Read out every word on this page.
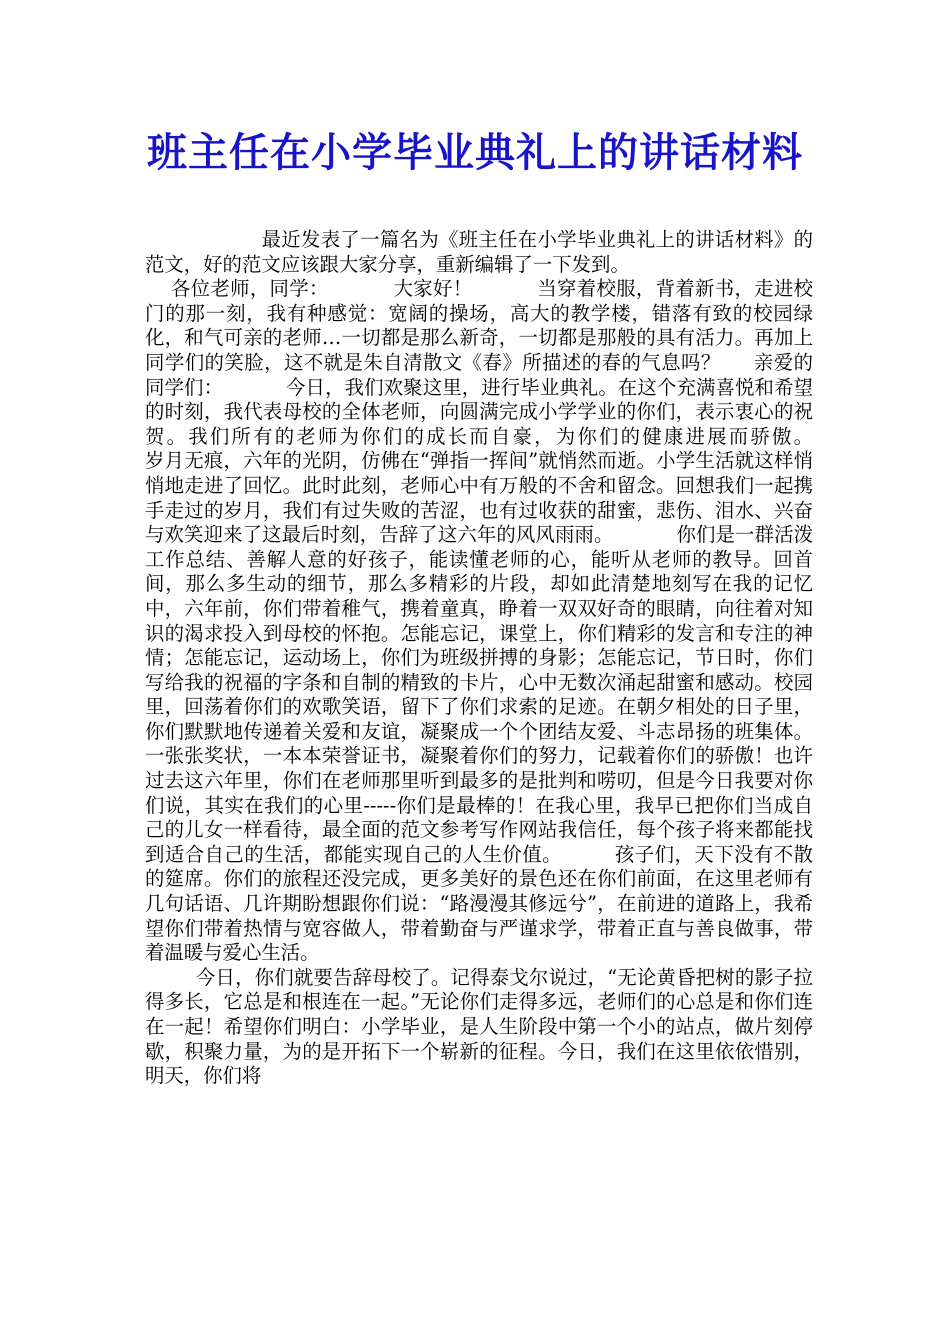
班主任在小学毕业典礼上的讲话材料

最近发表了一篇名为《班主任在小学毕业典礼上的讲话材料》的范文，好的范文应该跟大家分享，重新编辑了一下发到。

各位老师，同学：          大家好！          当穿着校服，背着新书，走进校门的那一刻，我有种感觉：宽阔的操场，高大的教学楼，错落有致的校园绿化，和气可亲的老师…一切都是那么新奇，一切都是那般的具有活力。再加上同学们的笑脸，这不就是朱自清散文《春》所描述的春的气息吗？     亲爱的同学们：          今日，我们欢聚这里，进行毕业典礼。在这个充满喜悦和希望的时刻，我代表母校的全体老师，向圆满完成小学学业的你们，表示衷心的祝贺。我们所有的老师为你们的成长而自豪，为你们的健康进展而骄傲。        岁月无痕，六年的光阴，仿佛在“弹指一挥间”就悄然而逝。小学生活就这样悄悄地走进了回忆。此时此刻，老师心中有万般的不舍和留念。回想我们一起携手走过的岁月，我们有过失败的苦涩，也有过收获的甜蜜，悲伤、泪水、兴奋与欢笑迎来了这最后时刻，告辞了这六年的风风雨雨。          你们是一群活泼工作总结、善解人意的好孩子，能读懂老师的心，能听从老师的教导。回首间，那么多生动的细节，那么多精彩的片段，却如此清楚地刻写在我的记忆中，六年前，你们带着稚气，携着童真，睁着一双双好奇的眼睛，向往着对知识的渴求投入到母校的怀抱。怎能忘记，课堂上，你们精彩的发言和专注的神情；怎能忘记，运动场上，你们为班级拼搏的身影；怎能忘记，节日时，你们写给我的祝福的字条和自制的精致的卡片，心中无数次涌起甜蜜和感动。校园里，回荡着你们的欢歌笑语，留下了你们求索的足迹。在朝夕相处的日子里，你们默默地传递着关爱和友谊，凝聚成一个个团结友爱、斗志昂扬的班集体。一张张奖状，一本本荣誉证书，凝聚着你们的努力，记载着你们的骄傲！也许过去这六年里，你们在老师那里听到最多的是批判和唠叨，但是今日我要对你们说，其实在我们的心里-----你们是最棒的！在我心里，我早已把你们当成自己的儿女一样看待，最全面的范文参考写作网站我信任，每个孩子将来都能找到适合自己的生活，都能实现自己的人生价值。        孩子们，天下没有不散的筵席。你们的旅程还没完成，更多美好的景色还在你们前面，在这里老师有几句话语、几许期盼想跟你们说：“路漫漫其修远兮”，在前进的道路上，我希望你们带着热情与宽容做人，带着勤奋与严谨求学，带着正直与善良做事，带着温暖与爱心生活。

今日，你们就要告辞母校了。记得泰戈尔说过，“无论黄昏把树的影子拉得多长，它总是和根连在一起。”无论你们走得多远，老师们的心总是和你们连在一起！希望你们明白：小学毕业，是人生阶段中第一个小的站点，做片刻停歇，积聚力量，为的是开拓下一个崭新的征程。今日，我们在这里依依惜别，明天，你们将
